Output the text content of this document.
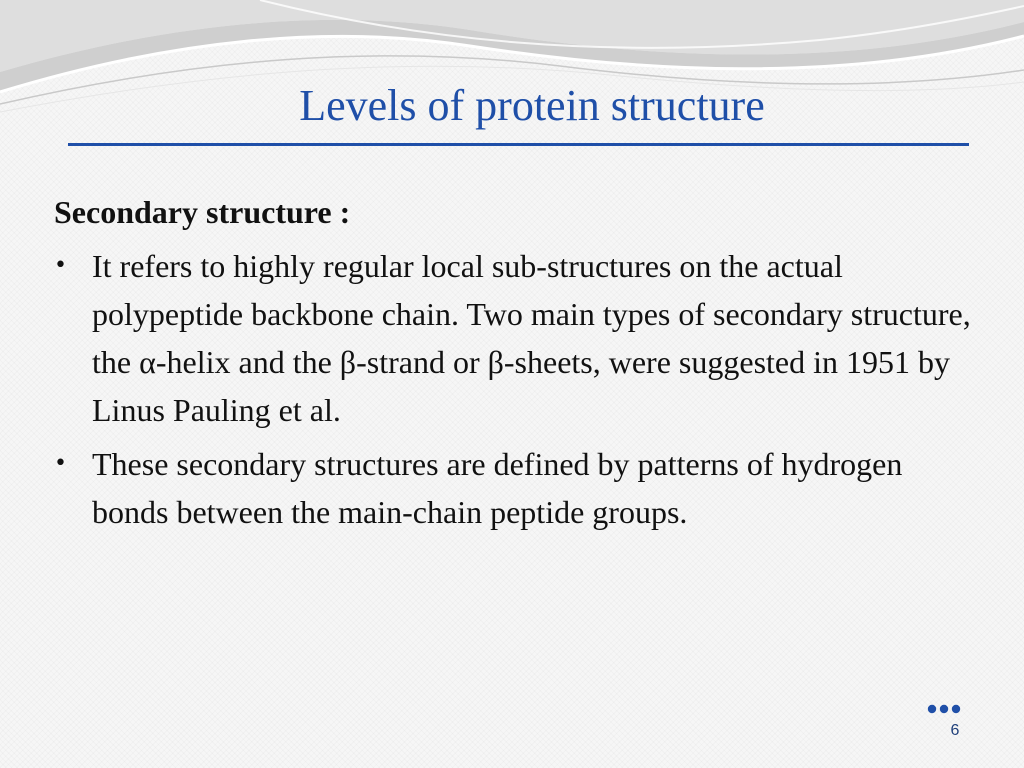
Levels of protein structure

Secondary structure :

• It refers to highly regular local sub-structures on the actual polypeptide backbone chain. Two main types of secondary structure, the α-helix and the β-strand or β-sheets, were suggested in 1951 by Linus Pauling et al.
• These secondary structures are defined by patterns of hydrogen bonds between the main-chain peptide groups.
6
